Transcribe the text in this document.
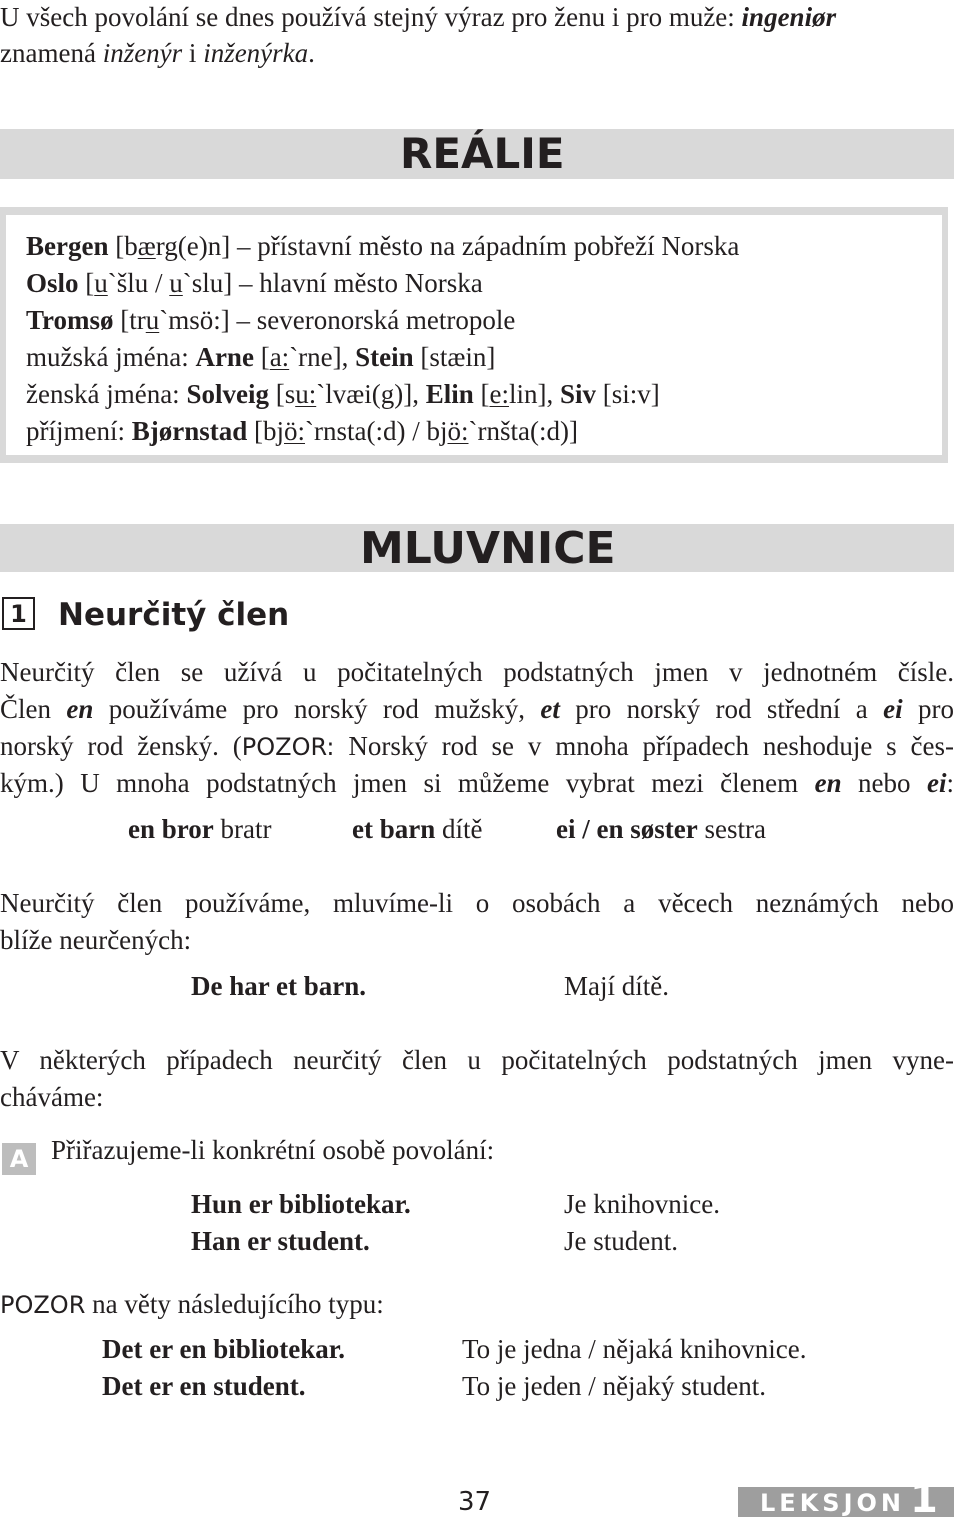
U všech povolání se dnes používá stejný výraz pro ženu i pro muže: ingeniør
znamená inženýr i inženýrka.
REÁLIE
Bergen [bærg(e)n] – přístavní město na západním pobřeží Norska
Oslo [u`šlu / u`slu] – hlavní město Norska
Tromsø [tru`msö:] – severonorská metropole
mužská jména: Arne [a:`rne], Stein [stæin]
ženská jména: Solveig [su:`lvæi(g)], Elin [e:lin], Siv [si:v]
příjmení: Bjørnstad [bjö:`rnsta(:d) / bjö:`rnšta(:d)]
MLUVNICE
1 Neurčitý člen
Neurčitý člen se užívá u počitatelných podstatných jmen v jednotném čísle.
Člen en používáme pro norský rod mužský, et pro norský rod střední a ei pro
norský rod ženský. (POZOR: Norský rod se v mnoha případech neshoduje s čes-
kým.) U mnoha podstatných jmen si můžeme vybrat mezi členem en nebo ei:
en bror bratr	et barn dítě	ei / en søster sestra
Neurčitý člen používáme, mluvíme-li o osobách a věcech neznámých nebo
blíže neurčených:
De har et barn.	Mají dítě.
V některých případech neurčitý člen u počitatelných podstatných jmen vyne-
cháváme:
A Přiřazujeme-li konkrétní osobě povolání:
Hun er bibliotekar.	Je knihovnice.
Han er student.	Je student.
POZOR na věty následujícího typu:
Det er en bibliotekar.	To je jedna / nějaká knihovnice.
Det er en student.	To je jeden / nějaký student.
37	LEKSJON 1
